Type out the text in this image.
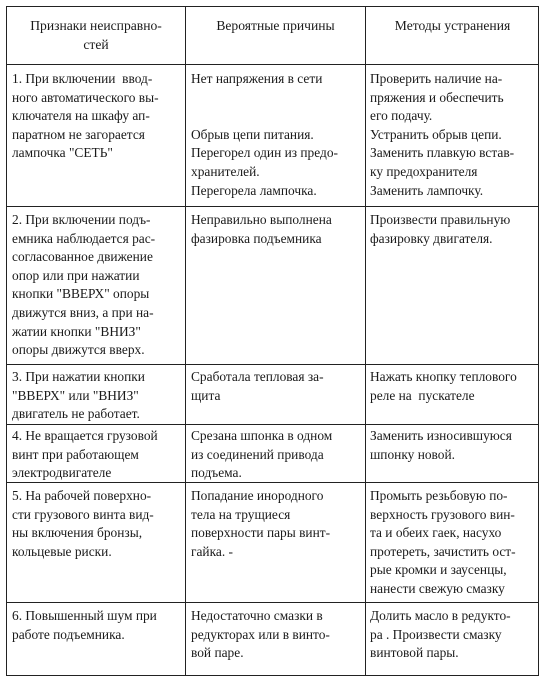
Признаки неисправно-
стей
Вероятные причины	Методы устранения
1. При включении  ввод-
ного автоматического вы-
ключателя на шкафу ап-
паратном не загорается
лампочка "СЕТЬ"
Нет напряжения в сети

Обрыв цепи питания.
Перегорел один из предо-
хранителей.
Перегорела лампочка.
Проверить наличие на-
пряжения и обеспечить
его подачу.
Устранить обрыв цепи.
Заменить плавкую встав-
ку предохранителя
Заменить лампочку.
2. При включении подъ-
емника наблюдается рас-
согласованное движение
опор или при нажатии
кнопки "ВВЕРХ" опоры
движутся вниз, а при на-
жатии кнопки "ВНИЗ"
опоры движутся вверх.
Неправильно выполнена
фазировка подъемника
Произвести правильную
фазировку двигателя.
3. При нажатии кнопки
"ВВЕРХ" или "ВНИЗ"
двигатель не работает.
Сработала тепловая за-
щита
Нажать кнопку теплового
реле на  пускателе
4. Не вращается грузовой
винт при работающем
электродвигателе
Срезана шпонка в одном
из соединений привода
подъема.
Заменить износившуюся
шпонку новой.
5. На рабочей поверхно-
сти грузового винта вид-
ны включения бронзы,
кольцевые риски.
Попадание инородного
тела на трущиеся
поверхности пары винт-
гайка. -
Промыть резьбовую по-
верхность грузового вин-
та и обеих гаек, насухо
протереть, зачистить ост-
рые кромки и заусенцы,
нанести свежую смазку
6. Повышенный шум при
работе подъемника.
Недостаточно смазки в
редукторах или в винто-
вой паре.
Долить масло в редукто-
ра . Произвести смазку
винтовой пары.
